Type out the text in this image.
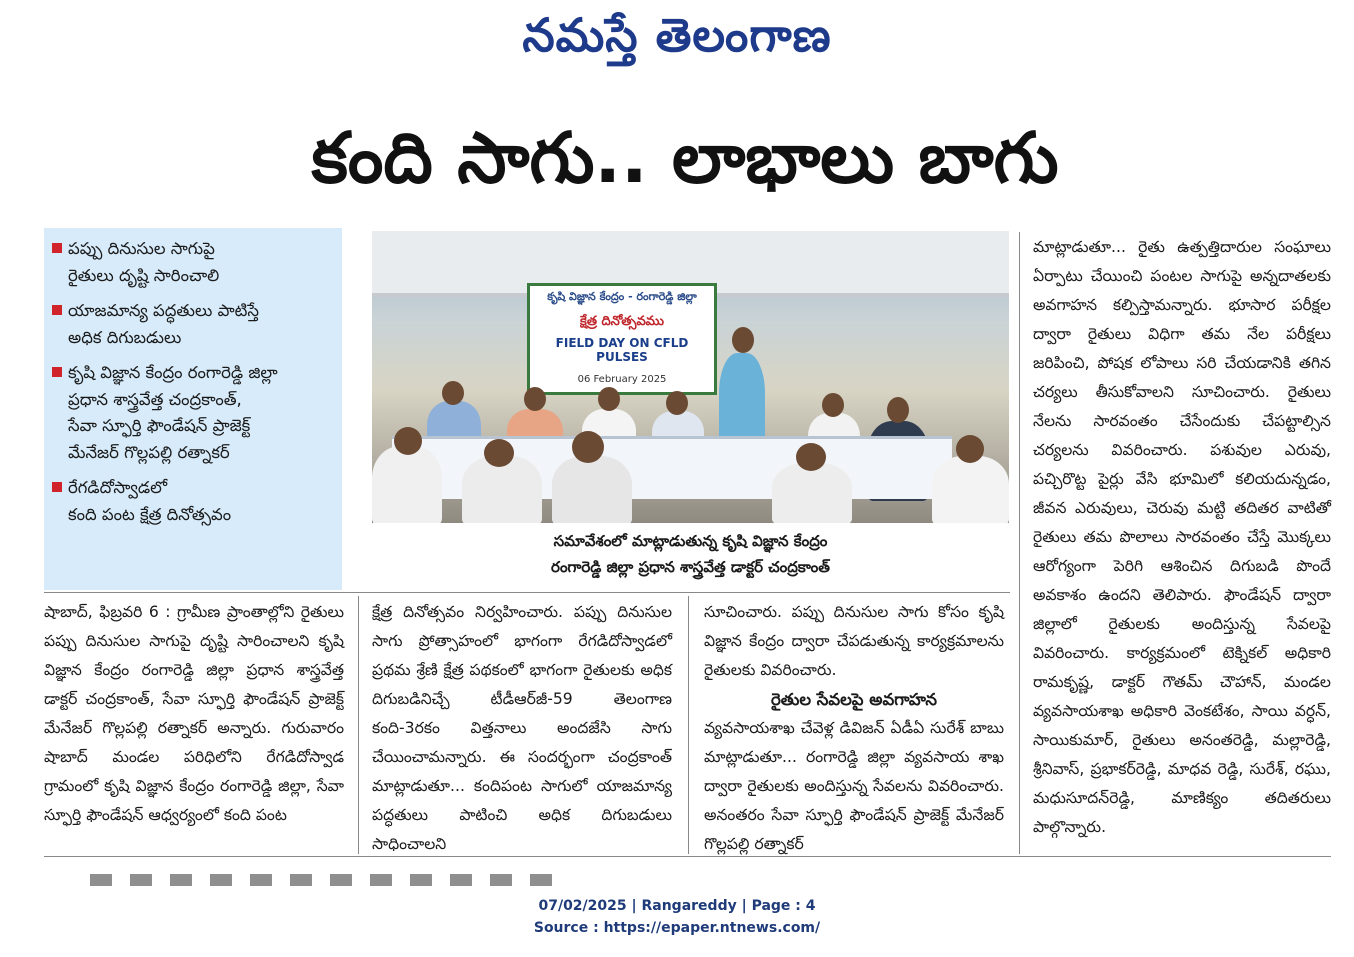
నమస్తే తెలంగాణ
కంది సాగు.. లాభాలు బాగు
పప్పు దినుసుల సాగుపై
రైతులు దృష్టి సారించాలి
యాజమాన్య పద్ధతులు పాటిస్తే
అధిక దిగుబడులు
కృషి విజ్ఞాన కేంద్రం రంగారెడ్డి జిల్లా
ప్రధాన శాస్త్రవేత్త చంద్రకాంత్,
సేవా స్ఫూర్తి ఫౌండేషన్ ప్రాజెక్ట్
మేనేజర్ గొల్లపల్లి రత్నాకర్
రేగడిదోస్వాడలో
కంది పంట క్షేత్ర దినోత్సవం
కృషి విజ్ఞాన కేంద్రం - రంగారెడ్డి జిల్లా
క్షేత్ర దినోత్సవము
FIELD DAY ON CFLD PULSES
06 February 2025
సమావేశంలో మాట్లాడుతున్న కృషి విజ్ఞాన కేంద్రం
రంగారెడ్డి జిల్లా ప్రధాన శాస్త్రవేత్త డాక్టర్ చంద్రకాంత్

మాట్లాడుతూ... రైతు ఉత్పత్తిదారుల సంఘాలు ఏర్పాటు చేయించి పంటల సాగుపై అన్నదాతలకు అవగాహన కల్పిస్తామన్నారు. భూసార పరీక్షల ద్వారా రైతులు విధిగా తమ నేల పరీక్షలు జరిపించి, పోషక లోపాలు సరి చేయడానికి తగిన చర్యలు తీసుకోవాలని సూచించారు. రైతులు నేలను సారవంతం చేసేందుకు చేపట్టాల్సిన చర్యలను వివరించారు. పశువుల ఎరువు, పచ్చిరొట్ట పైర్లు వేసి భూమిలో కలియదున్నడం, జీవన ఎరువులు, చెరువు మట్టి తదితర వాటితో రైతులు తమ పొలాలు సారవంతం చేస్తే మొక్కలు ఆరోగ్యంగా పెరిగి ఆశించిన దిగుబడి పొందే అవకాశం ఉందని తెలిపారు. ఫౌండేషన్ ద్వారా జిల్లాలో రైతులకు అందిస్తున్న సేవలపై వివరించారు. కార్యక్రమంలో టెక్నికల్ అధికారి రామకృష్ణ, డాక్టర్ గౌతమ్ చౌహాన్, మండల వ్యవసాయశాఖ అధికారి వెంకటేశం, సాయి వర్ధన్, సాయికుమార్, రైతులు అనంతరెడ్డి, మల్లారెడ్డి, శ్రీనివాస్, ప్రభాకర్‌రెడ్డి, మాధవ రెడ్డి, సురేశ్, రఘు, మధుసూదన్‌రెడ్డి, మాణిక్యం తదితరులు పాల్గొన్నారు.

షాబాద్, ఫిబ్రవరి 6 : గ్రామీణ ప్రాంతాల్లోని రైతులు పప్పు దినుసుల సాగుపై దృష్టి సారించాలని కృషి విజ్ఞాన కేంద్రం రంగారెడ్డి జిల్లా ప్రధాన శాస్త్రవేత్త డాక్టర్ చంద్రకాంత్, సేవా స్ఫూర్తి ఫౌండేషన్ ప్రాజెక్ట్ మేనేజర్ గొల్లపల్లి రత్నాకర్ అన్నారు. గురువారం షాబాద్ మండల పరిధిలోని రేగడిదోస్వాడ గ్రామంలో కృషి విజ్ఞాన కేంద్రం రంగారెడ్డి జిల్లా, సేవా స్ఫూర్తి ఫౌండేషన్ ఆధ్వర్యంలో కంది పంట

క్షేత్ర దినోత్సవం నిర్వహించారు. పప్పు దినుసుల సాగు ప్రోత్సాహంలో భాగంగా రేగడిదోస్వాడలో ప్రథమ శ్రేణి క్షేత్ర పథకంలో భాగంగా రైతులకు అధిక దిగుబడినిచ్చే టీడీఆర్‌జీ-59 తెలంగాణ కంది-3రకం విత్తనాలు అందజేసి సాగు చేయించామన్నారు. ఈ సందర్భంగా చంద్రకాంత్ మాట్లాడుతూ... కందిపంట సాగులో యాజమాన్య పద్ధతులు పాటించి అధిక దిగుబడులు సాధించాలని

సూచించారు. పప్పు దినుసుల సాగు కోసం కృషి విజ్ఞాన కేంద్రం ద్వారా చేపడుతున్న కార్యక్రమాలను రైతులకు వివరించారు.

రైతుల సేవలపై అవగాహన

వ్యవసాయశాఖ చేవెళ్ల డివిజన్ ఏడీఏ సురేశ్ బాబు మాట్లాడుతూ... రంగారెడ్డి జిల్లా వ్యవసాయ శాఖ ద్వారా రైతులకు అందిస్తున్న సేవలను వివరించారు. అనంతరం సేవా స్ఫూర్తి ఫౌండేషన్ ప్రాజెక్ట్ మేనేజర్ గొల్లపల్లి రత్నాకర్

07/02/2025 | Rangareddy | Page : 4
Source : https://epaper.ntnews.com/
